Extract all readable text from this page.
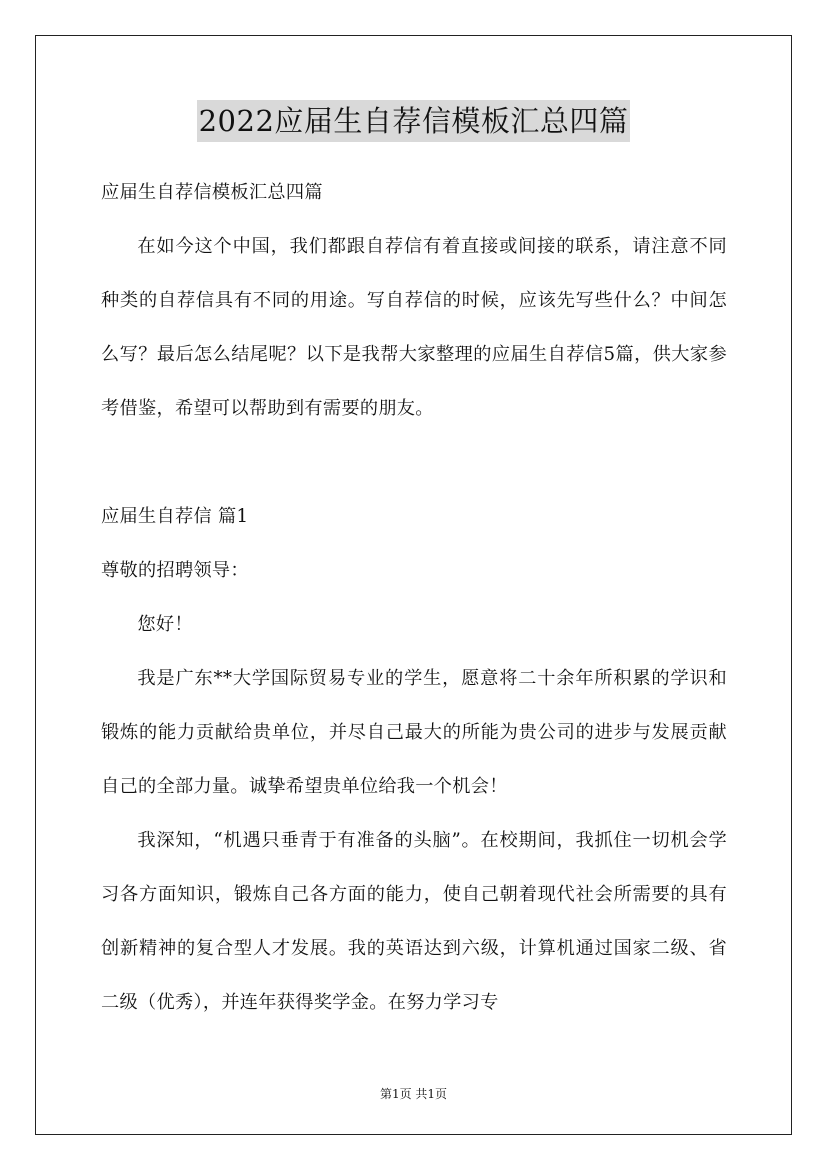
2022应届生自荐信模板汇总四篇

应届生自荐信模板汇总四篇

在如今这个中国，我们都跟自荐信有着直接或间接的联系，请注意不同种类的自荐信具有不同的用途。写自荐信的时候，应该先写些什么？中间怎么写？最后怎么结尾呢？以下是我帮大家整理的应届生自荐信5篇，供大家参考借鉴，希望可以帮助到有需要的朋友。

应届生自荐信 篇1

尊敬的招聘领导：

您好！

我是广东**大学国际贸易专业的学生，愿意将二十余年所积累的学识和锻炼的能力贡献给贵单位，并尽自己最大的所能为贵公司的进步与发展贡献自己的全部力量。诚挚希望贵单位给我一个机会！

我深知，“机遇只垂青于有准备的头脑”。在校期间，我抓住一切机会学习各方面知识，锻炼自己各方面的能力，使自己朝着现代社会所需要的具有创新精神的复合型人才发展。我的英语达到六级，计算机通过国家二级、省二级（优秀），并连年获得奖学金。在努力学习专

第1页 共1页
